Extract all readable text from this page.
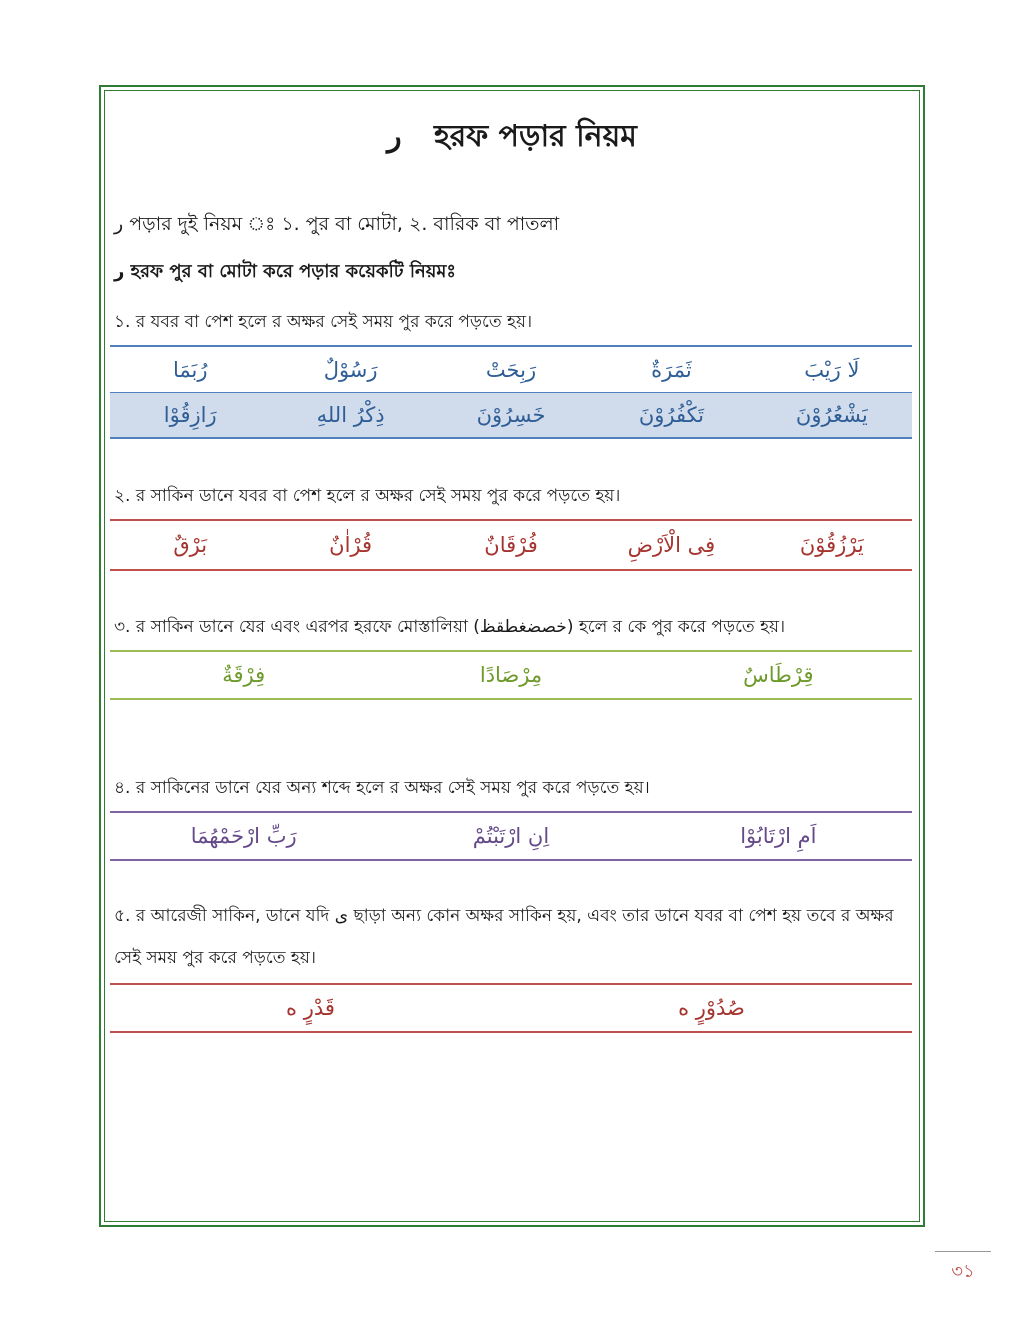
ر হরফ পড়ার নিয়ম
ر পড়ার দুই নিয়ম ঃ ১. পুর বা মোটা, ২. বারিক বা পাতলা
ر হরফ পুর বা মোটা করে পড়ার কয়েকটি নিয়মঃ
১. র যবর বা পেশ হলে র অক্ষর সেই সময় পুর করে পড়তে হয়।
رُبَمَا	رَسُوْلٌ	رَبِحَتْ	ثَمَرَةٌ	لَا رَيْبَ
رَازِقُوْا	ذِكْرُ اللهِ	خَسِرُوْنَ	تَكْفُرُوْنَ	يَشْعُرُوْنَ
২. র সাকিন ডানে যবর বা পেশ হলে র অক্ষর সেই সময় পুর করে পড়তে হয়।
بَرْقٌ	قُرْاٰنٌ	فُرْقَانٌ	فِى الْاَرْضِ	يَرْزُقُوْنَ
৩. র সাকিন ডানে যের এবং এরপর হরফে মোস্তালিয়া (خصضغطقظ) হলে র কে পুর করে পড়তে হয়।
فِرْقَةٌ	مِرْصَادًا	قِرْطَاسٌ
৪. র সাকিনের ডানে যের অন্য শব্দে হলে র অক্ষর সেই সময় পুর করে পড়তে হয়।
رَبِّ ارْحَمْهُمَا	اِنِ ارْتَبْتُمْ	اَمِ ارْتَابُوْا
৫. র আরেজী সাকিন, ডানে যদি ى ছাড়া অন্য কোন অক্ষর সাকিন হয়, এবং তার ডানে যবর বা পেশ হয় তবে র অক্ষর সেই সময় পুর করে পড়তে হয়।
قَدْرٍ ە	صُدُوْرٍ ە
৩১
